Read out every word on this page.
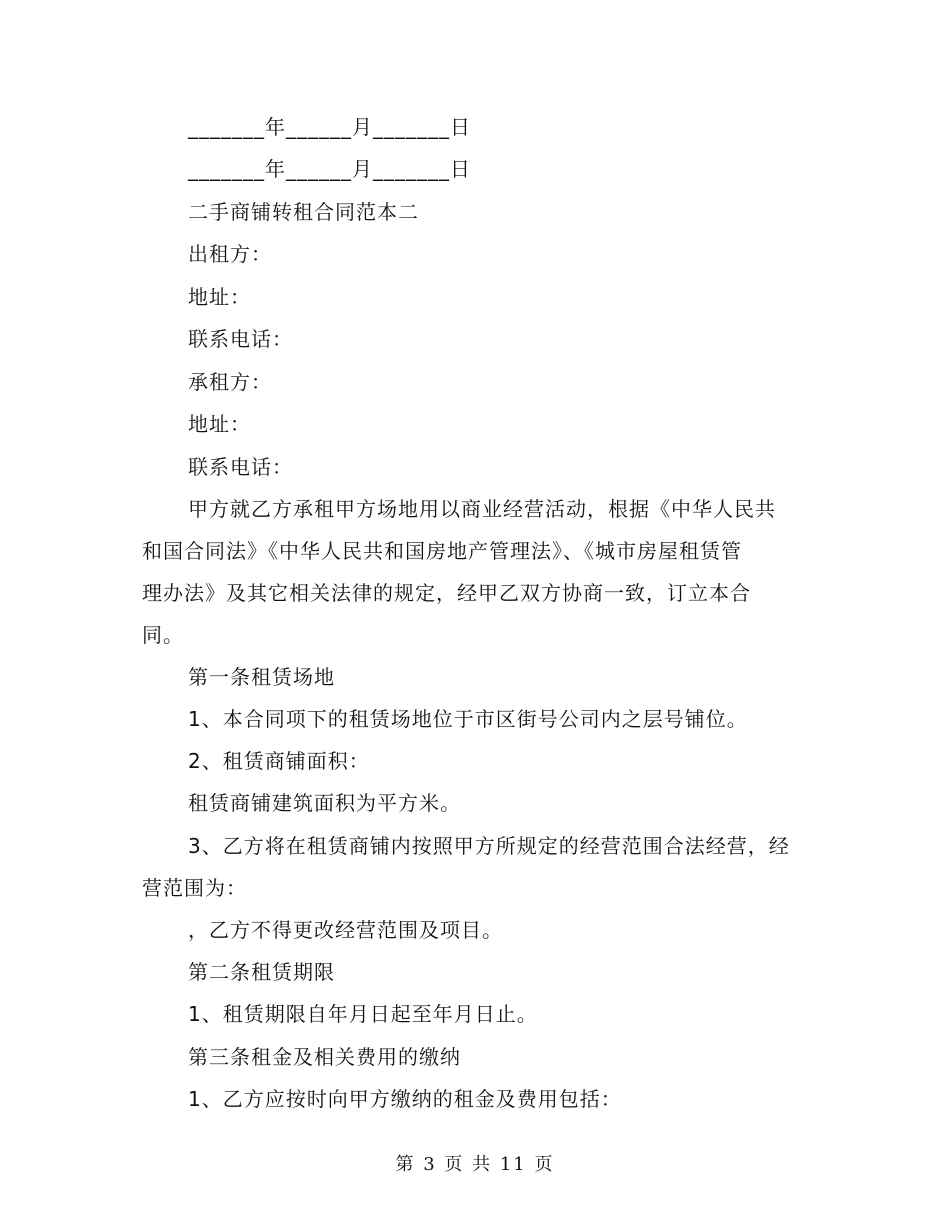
_______年______月_______日
_______年______月_______日
二手商铺转租合同范本二
出租方：
地址：
联系电话：
承租方：
地址：
联系电话：
甲方就乙方承租甲方场地用以商业经营活动，根据《中华人民共
和国合同法》《中华人民共和国房地产管理法》、《城市房屋租赁管
理办法》及其它相关法律的规定，经甲乙双方协商一致，订立本合
同。
第一条租赁场地
1、本合同项下的租赁场地位于市区街号公司内之层号铺位。
2、租赁商铺面积：
租赁商铺建筑面积为平方米。
3、乙方将在租赁商铺内按照甲方所规定的经营范围合法经营，经
营范围为：
，乙方不得更改经营范围及项目。
第二条租赁期限
1、租赁期限自年月日起至年月日止。
第三条租金及相关费用的缴纳
1、乙方应按时向甲方缴纳的租金及费用包括：
第 3 页 共 11 页
